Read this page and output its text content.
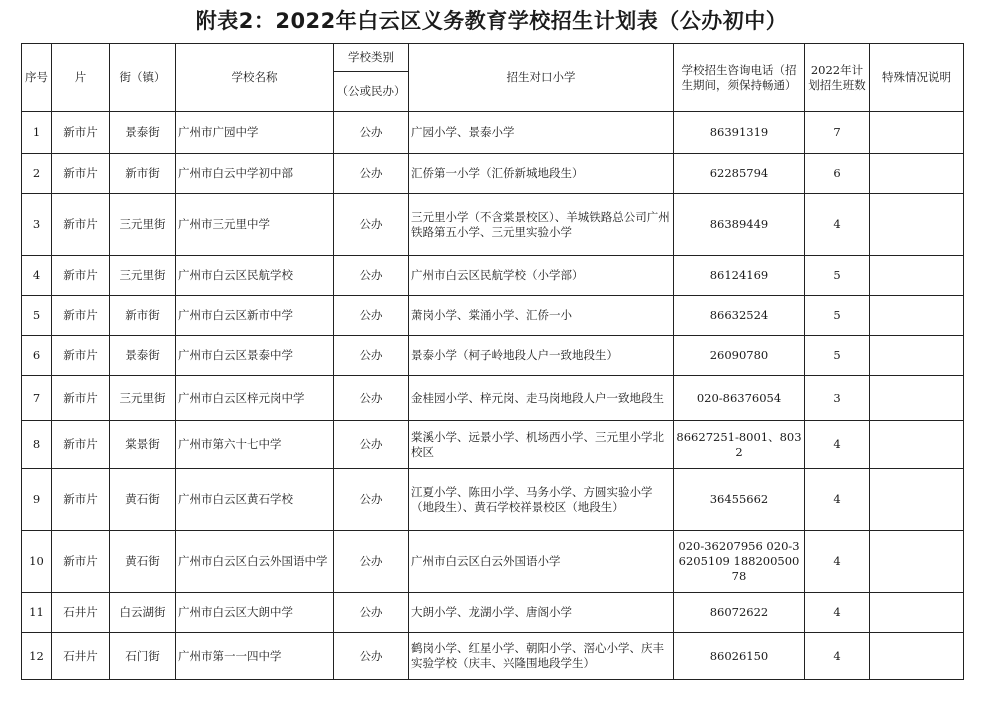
附表2：2022年白云区义务教育学校招生计划表（公办初中）
序号	片	街（镇）	学校名称	学校类别	招生对口小学	学校招生咨询电话（招生期间，须保持畅通）	2022年计划招生班数	特殊情况说明
				（公或民办）				
1	新市片	景泰街	广州市广园中学	公办	广园小学、景泰小学	86391319	7	
2	新市片	新市街	广州市白云中学初中部	公办	汇侨第一小学（汇侨新城地段生）	62285794	6	
3	新市片	三元里街	广州市三元里中学	公办	三元里小学（不含棠景校区）、羊城铁路总公司广州铁路第五小学、三元里实验小学	86389449	4	
4	新市片	三元里街	广州市白云区民航学校	公办	广州市白云区民航学校（小学部）	86124169	5	
5	新市片	新市街	广州市白云区新市中学	公办	萧岗小学、棠涌小学、汇侨一小	86632524	5	
6	新市片	景泰街	广州市白云区景泰中学	公办	景泰小学（柯子岭地段人户一致地段生）	26090780	5	
7	新市片	三元里街	广州市白云区梓元岗中学	公办	金桂园小学、梓元岗、走马岗地段人户一致地段生	020-86376054	3	
8	新市片	棠景街	广州市第六十七中学	公办	棠溪小学、远景小学、机场西小学、三元里小学北校区	86627251-8001、8032	4	
9	新市片	黄石街	广州市白云区黄石学校	公办	江夏小学、陈田小学、马务小学、方圆实验小学（地段生）、黄石学校祥景校区（地段生）	36455662	4	
10	新市片	黄石街	广州市白云区白云外国语中学	公办	广州市白云区白云外国语小学	020-36207956 020-36205109 18820050078	4	
11	石井片	白云湖街	广州市白云区大朗中学	公办	大朗小学、龙湖小学、唐阁小学	86072622	4	
12	石井片	石门街	广州市第一一四中学	公办	鹤岗小学、红星小学、朝阳小学、滘心小学、庆丰实验学校（庆丰、兴隆围地段学生）	86026150	4	
